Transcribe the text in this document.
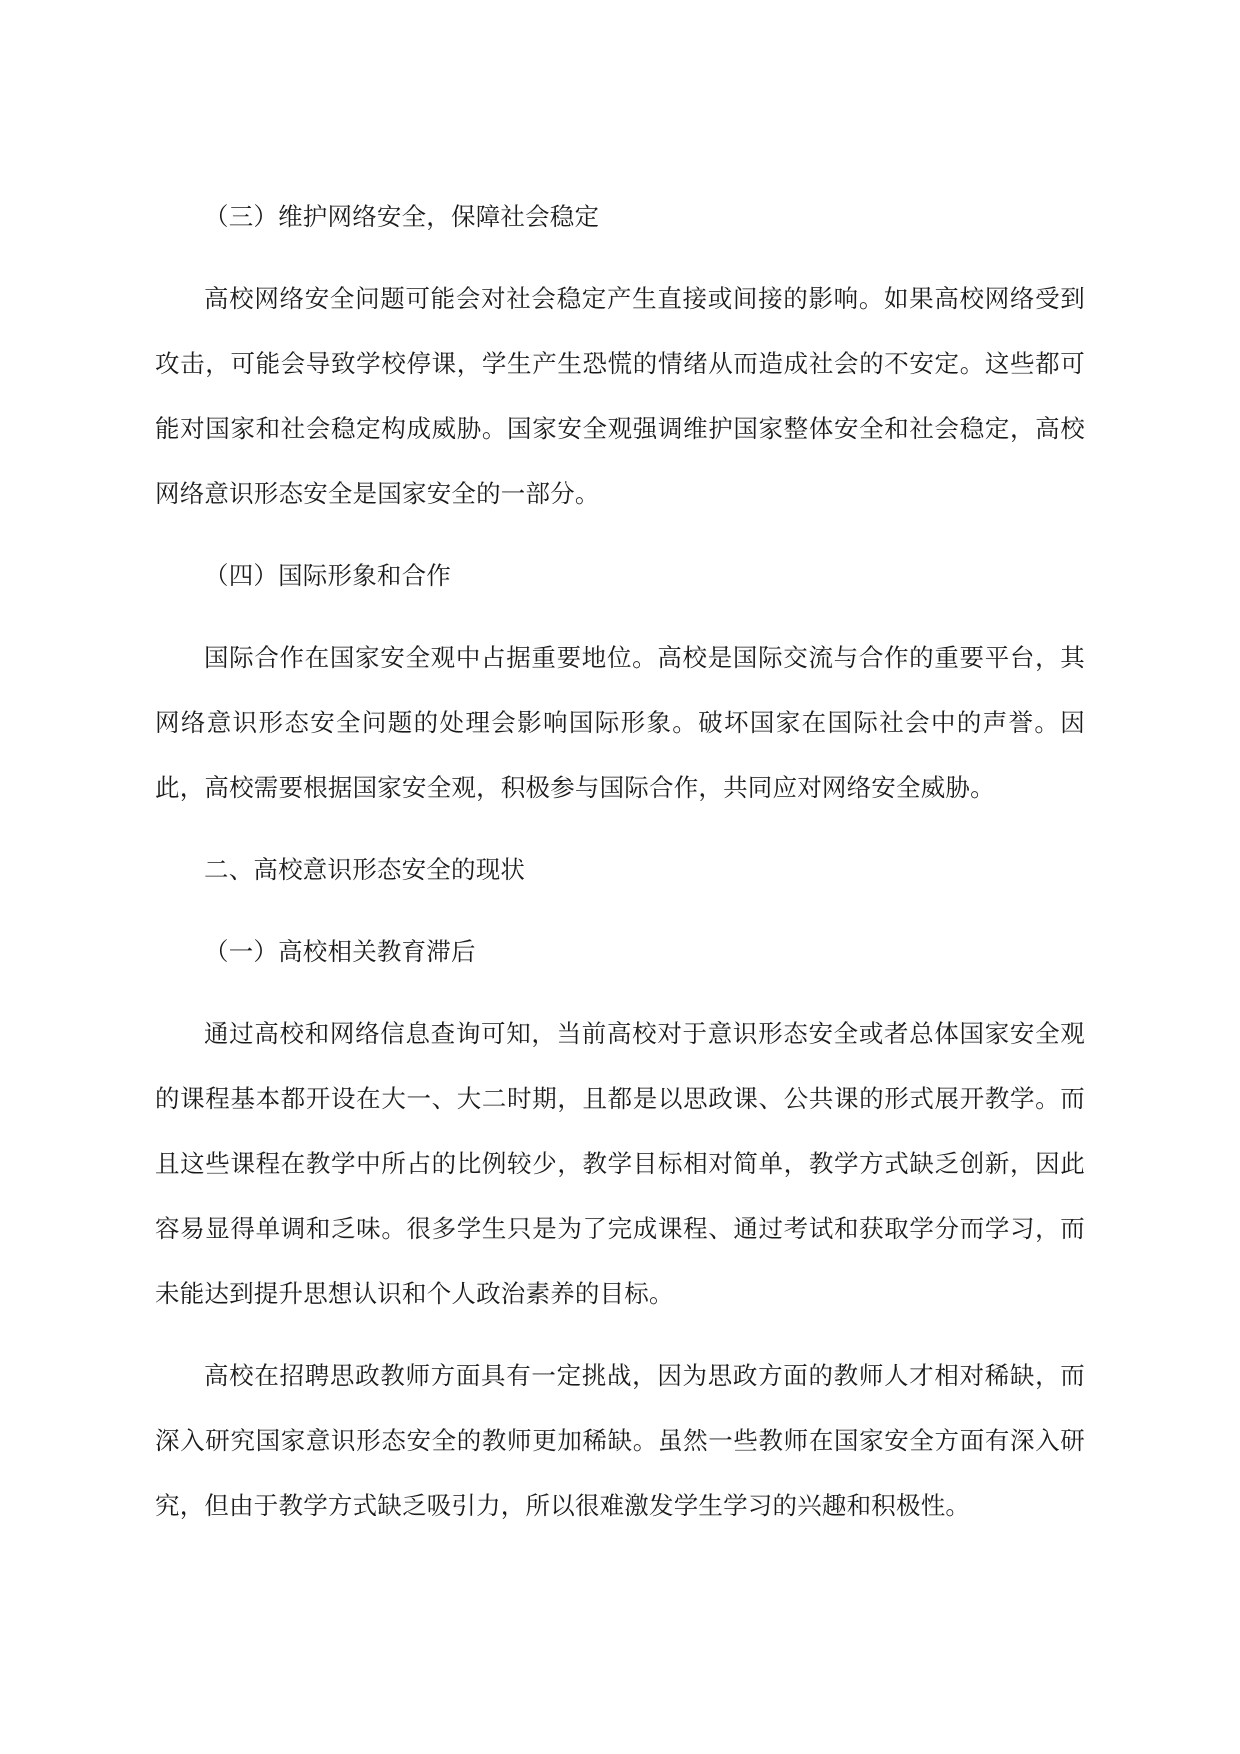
（三）维护网络安全，保障社会稳定

高校网络安全问题可能会对社会稳定产生直接或间接的影响。如果高校网络受到攻击，可能会导致学校停课，学生产生恐慌的情绪从而造成社会的不安定。这些都可能对国家和社会稳定构成威胁。国家安全观强调维护国家整体安全和社会稳定，高校网络意识形态安全是国家安全的一部分。

（四）国际形象和合作

国际合作在国家安全观中占据重要地位。高校是国际交流与合作的重要平台，其网络意识形态安全问题的处理会影响国际形象。破坏国家在国际社会中的声誉。因此，高校需要根据国家安全观，积极参与国际合作，共同应对网络安全威胁。

二、高校意识形态安全的现状

（一）高校相关教育滞后

通过高校和网络信息查询可知，当前高校对于意识形态安全或者总体国家安全观的课程基本都开设在大一、大二时期，且都是以思政课、公共课的形式展开教学。而且这些课程在教学中所占的比例较少，教学目标相对简单，教学方式缺乏创新，因此容易显得单调和乏味。很多学生只是为了完成课程、通过考试和获取学分而学习，而未能达到提升思想认识和个人政治素养的目标。

高校在招聘思政教师方面具有一定挑战，因为思政方面的教师人才相对稀缺，而深入研究国家意识形态安全的教师更加稀缺。虽然一些教师在国家安全方面有深入研究，但由于教学方式缺乏吸引力，所以很难激发学生学习的兴趣和积极性。
